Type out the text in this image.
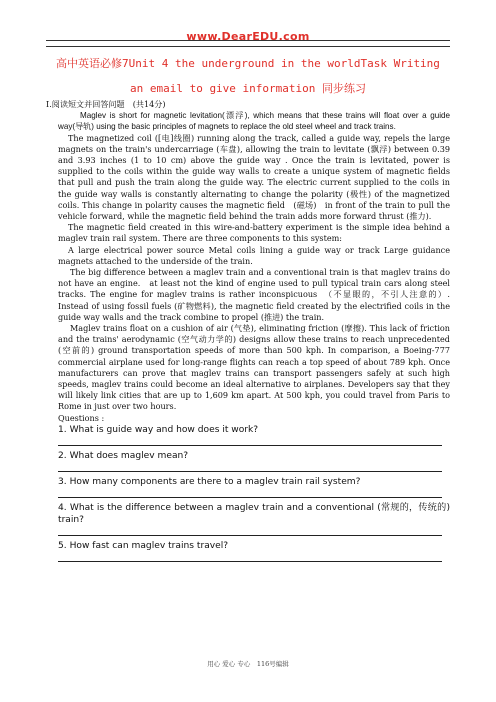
www.DearEDU.com
高中英语必修7Unit 4 the underground in the worldTask Writing
an email to give information 同步练习

I.阅读短文并回答问题　(共14分)

Maglev is short for magnetic levitation(漂浮), which means that these trains will float over a guide way(导轨) using the basic principles of magnets to replace the old steel wheel and track trains.

The magnetized coil ([电]线圈) running along the track, called a guide way, repels the large magnets on the train's undercarriage (车盘), allowing the train to levitate (飘浮) between 0.39 and 3.93 inches (1 to 10 cm) above the guide way . Once the train is levitated, power is supplied to the coils within the guide way walls to create a unique system of magnetic fields that pull and push the train along the guide way. The electric current supplied to the coils in the guide way walls is constantly alternating to change the polarity (极性) of the magnetized coils. This change in polarity causes the magnetic field　(磁场)　in front of the train to pull the vehicle forward, while the magnetic field behind the train adds more forward thrust (推力).

The magnetic field created in this wire-and-battery experiment is the simple idea behind a maglev train rail system. There are three components to this system:

A large electrical power source Metal coils lining a guide way or track Large guidance magnets attached to the underside of the train.

The big difference between a maglev train and a conventional train is that maglev trains do not have an engine.　at least not the kind of engine used to pull typical train cars along steel tracks. The engine for maglev trains is rather inconspicuous　（不显眼的，不引人注意的）. Instead of using fossil fuels (矿物燃料), the magnetic field created by the electrified coils in the guide way walls and the track combine to propel (推进) the train.

Maglev trains float on a cushion of air (气垫), eliminating friction (摩擦). This lack of friction and the trains' aerodynamic (空气动力学的) designs allow these trains to reach unprecedented (空前的) ground transportation speeds of more than 500 kph. In comparison, a Boeing-777 commercial airplane used for long-range flights can reach a top speed of about 789 kph. Once manufacturers can prove that maglev trains can transport passengers safely at such high speeds, maglev trains could become an ideal alternative to airplanes. Developers say that they will likely link cities that are up to 1,609 km apart. At 500 kph, you could travel from Paris to Rome in just over two hours.

Questions :

1. What is guide way and how does it work?

2. What does maglev mean?

3. How many components are there to a maglev train rail system?

4. What is the difference between a maglev train and a conventional (常规的，传统的) train?

5. How fast can maglev trains travel?

用心 爱心 专心　116号编辑
